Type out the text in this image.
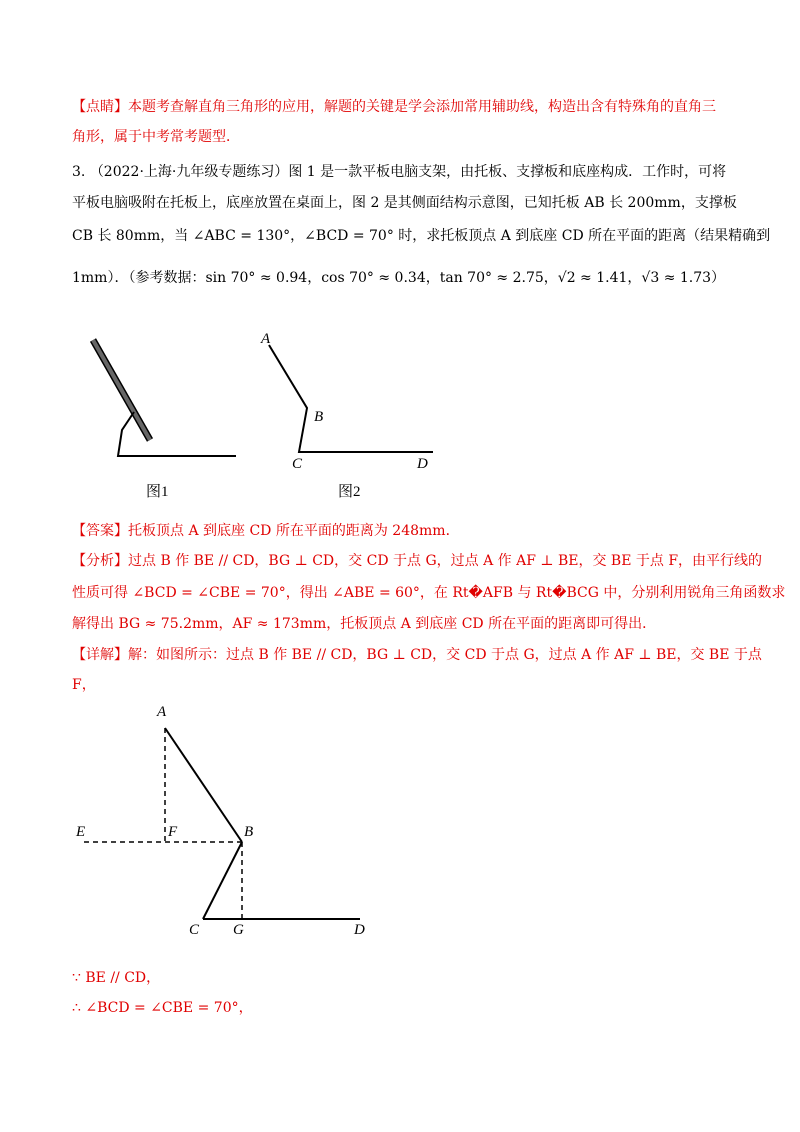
【点睛】本题考查解直角三角形的应用，解题的关键是学会添加常用辅助线，构造出含有特殊角的直角三
角形，属于中考常考题型．
3. （2022·上海·九年级专题练习）图 1 是一款平板电脑支架，由托板、支撑板和底座构成．工作时，可将
平板电脑吸附在托板上，底座放置在桌面上，图 2 是其侧面结构示意图，已知托板 AB 长 200mm，支撑板
CB 长 80mm，当 ∠ABC = 130°，∠BCD = 70° 时，求托板顶点 A 到底座 CD 所在平面的距离（结果精确到
1mm）．（参考数据：sin 70° ≈ 0.94，cos 70° ≈ 0.34，tan 70° ≈ 2.75，√2 ≈ 1.41，√3 ≈ 1.73）
图1
A
B
C	D
图2
【答案】托板顶点 A 到底座 CD 所在平面的距离为 248mm．
【分析】过点 B 作 BE // CD，BG ⊥ CD，交 CD 于点 G，过点 A 作 AF ⊥ BE，交 BE 于点 F，由平行线的
性质可得 ∠BCD = ∠CBE = 70°，得出 ∠ABE = 60°，在 Rt�AFB 与 Rt�BCG 中，分别利用锐角三角函数求
解得出 BG ≈ 75.2mm，AF ≈ 173mm，托板顶点 A 到底座 CD 所在平面的距离即可得出．
【详解】解：如图所示：过点 B 作 BE // CD，BG ⊥ CD，交 CD 于点 G，过点 A 作 AF ⊥ BE，交 BE 于点
F，
A
E	F	B
C G	D
∵ BE // CD，
∴ ∠BCD = ∠CBE = 70°，
